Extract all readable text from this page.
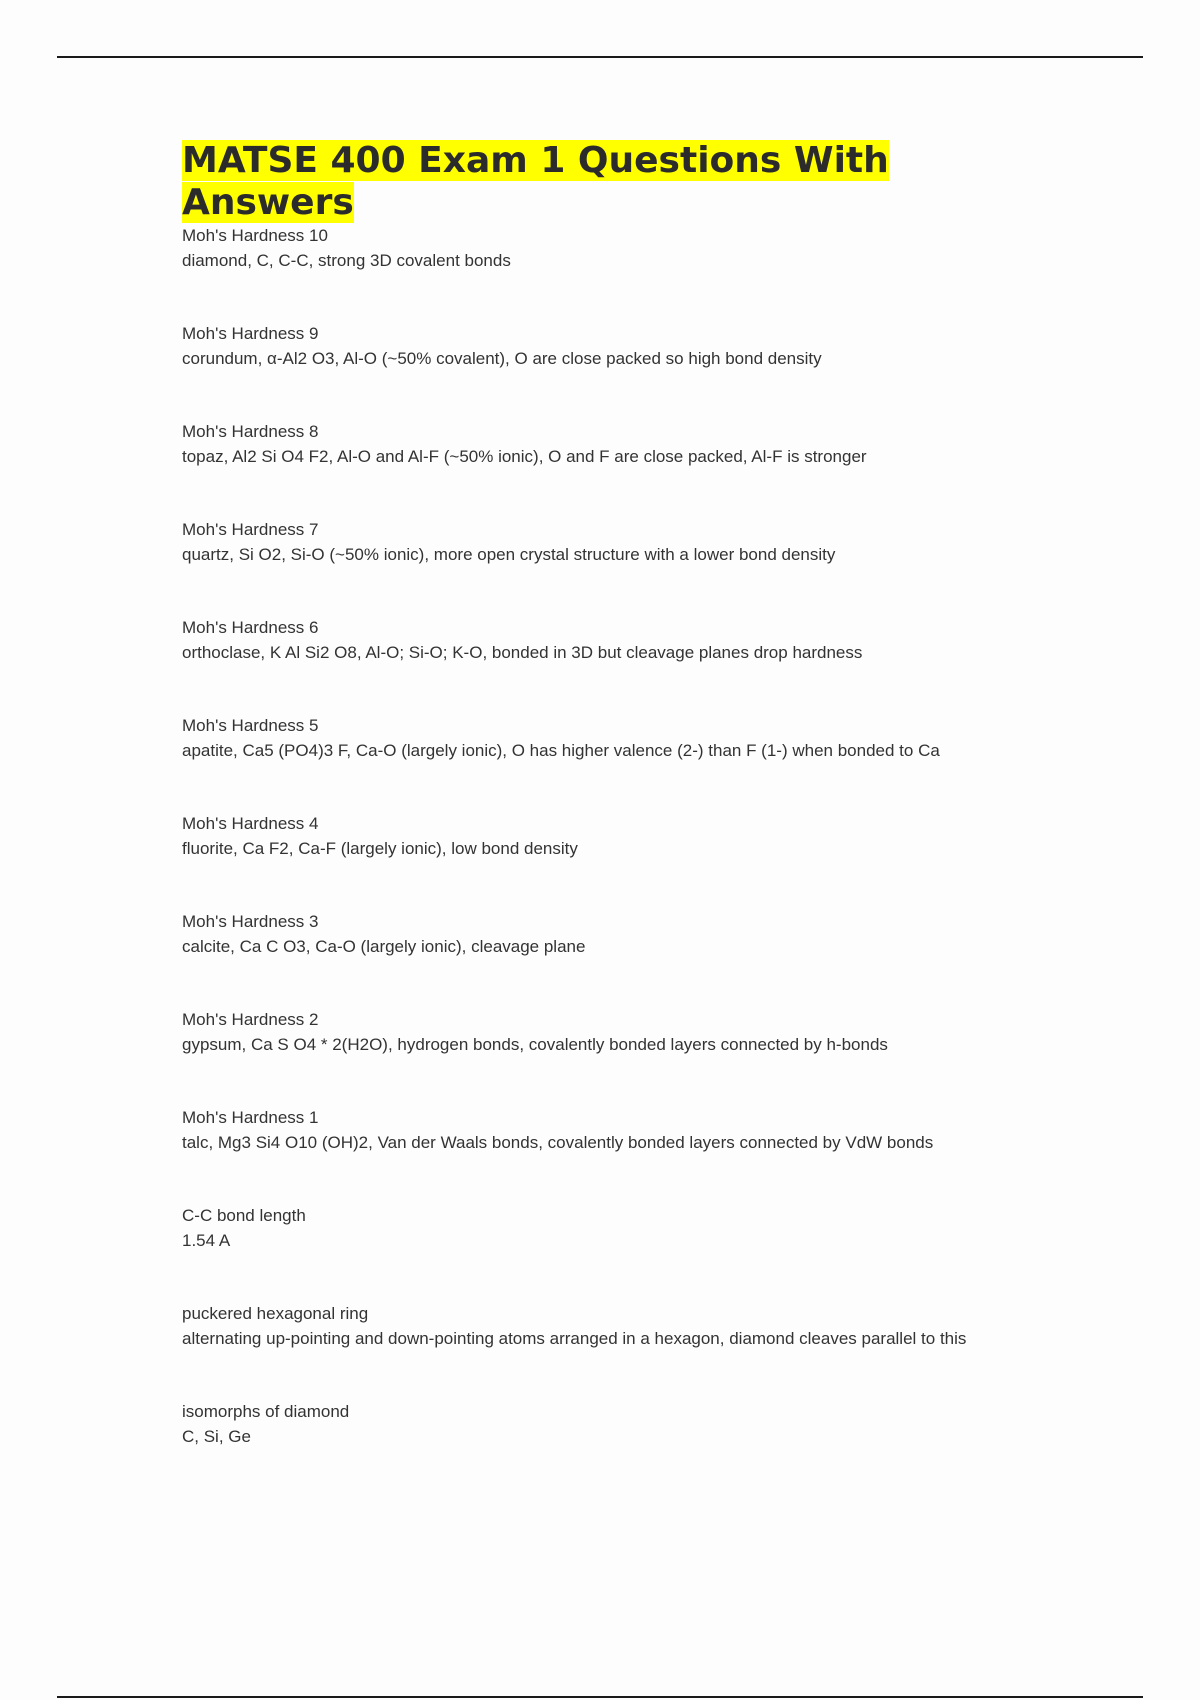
MATSE 400 Exam 1 Questions With Answers
Moh's Hardness 10
diamond, C, C-C, strong 3D covalent bonds
Moh's Hardness 9
corundum, α-Al2 O3, Al-O (~50% covalent), O are close packed so high bond density
Moh's Hardness 8
topaz, Al2 Si O4 F2, Al-O and Al-F (~50% ionic), O and F are close packed, Al-F is stronger
Moh's Hardness 7
quartz, Si O2, Si-O (~50% ionic), more open crystal structure with a lower bond density
Moh's Hardness 6
orthoclase, K Al Si2 O8, Al-O; Si-O; K-O, bonded in 3D but cleavage planes drop hardness
Moh's Hardness 5
apatite, Ca5 (PO4)3 F, Ca-O (largely ionic), O has higher valence (2-) than F (1-) when bonded to Ca
Moh's Hardness 4
fluorite, Ca F2, Ca-F (largely ionic), low bond density
Moh's Hardness 3
calcite, Ca C O3, Ca-O (largely ionic), cleavage plane
Moh's Hardness 2
gypsum, Ca S O4 * 2(H2O), hydrogen bonds, covalently bonded layers connected by h-bonds
Moh's Hardness 1
talc, Mg3 Si4 O10 (OH)2, Van der Waals bonds, covalently bonded layers connected by VdW bonds
C-C bond length
1.54 A
puckered hexagonal ring
alternating up-pointing and down-pointing atoms arranged in a hexagon, diamond cleaves parallel to this
isomorphs of diamond
C, Si, Ge
